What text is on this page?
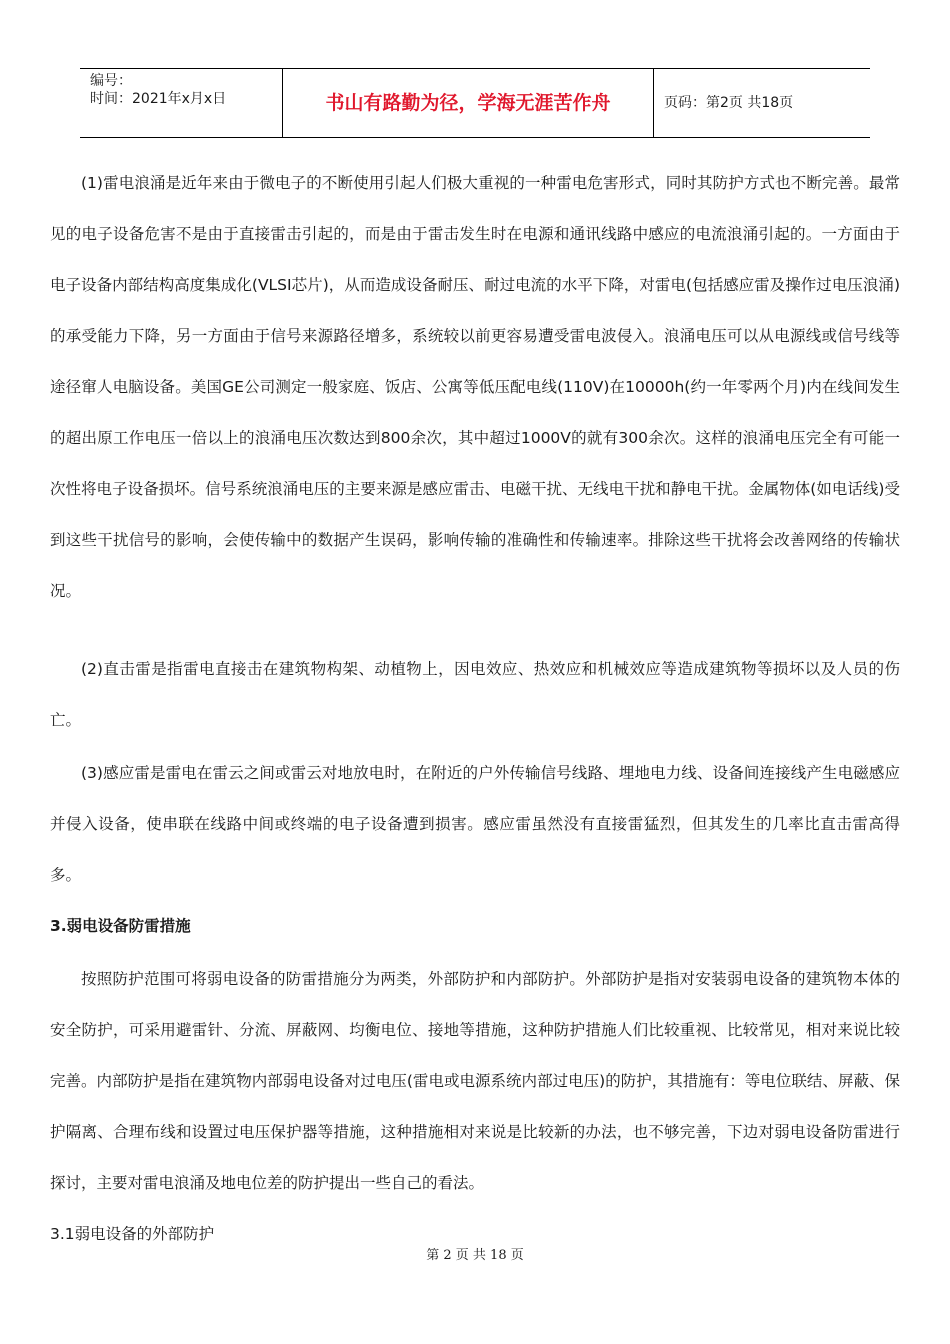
编号：
时间：2021年x月x日	书山有路勤为径，学海无涯苦作舟	页码：第2页 共18页

(1)雷电浪涌是近年来由于微电子的不断使用引起人们极大重视的一种雷电危害形式，同时其防护方式也不断完善。最常见的电子设备危害不是由于直接雷击引起的，而是由于雷击发生时在电源和通讯线路中感应的电流浪涌引起的。一方面由于电子设备内部结构高度集成化(VLSI芯片)，从而造成设备耐压、耐过电流的水平下降，对雷电(包括感应雷及操作过电压浪涌)的承受能力下降，另一方面由于信号来源路径增多，系统较以前更容易遭受雷电波侵入。浪涌电压可以从电源线或信号线等途径窜人电脑设备。美国GE公司测定一般家庭、饭店、公寓等低压配电线(110V)在10000h(约一年零两个月)内在线间发生的超出原工作电压一倍以上的浪涌电压次数达到800余次，其中超过1000V的就有300余次。这样的浪涌电压完全有可能一次性将电子设备损坏。信号系统浪涌电压的主要来源是感应雷击、电磁干扰、无线电干扰和静电干扰。金属物体(如电话线)受到这些干扰信号的影响，会使传输中的数据产生误码，影响传输的准确性和传输速率。排除这些干扰将会改善网络的传输状况。

(2)直击雷是指雷电直接击在建筑物构架、动植物上，因电效应、热效应和机械效应等造成建筑物等损坏以及人员的伤亡。

(3)感应雷是雷电在雷云之间或雷云对地放电时，在附近的户外传输信号线路、埋地电力线、设备间连接线产生电磁感应并侵入设备，使串联在线路中间或终端的电子设备遭到损害。感应雷虽然没有直接雷猛烈，但其发生的几率比直击雷高得多。

3.弱电设备防雷措施

按照防护范围可将弱电设备的防雷措施分为两类，外部防护和内部防护。外部防护是指对安装弱电设备的建筑物本体的安全防护，可采用避雷针、分流、屏蔽网、均衡电位、接地等措施，这种防护措施人们比较重视、比较常见，相对来说比较完善。内部防护是指在建筑物内部弱电设备对过电压(雷电或电源系统内部过电压)的防护，其措施有：等电位联结、屏蔽、保护隔离、合理布线和设置过电压保护器等措施，这种措施相对来说是比较新的办法，也不够完善，下边对弱电设备防雷进行探讨，主要对雷电浪涌及地电位差的防护提出一些自己的看法。

3.1弱电设备的外部防护

第 2 页 共 18 页
